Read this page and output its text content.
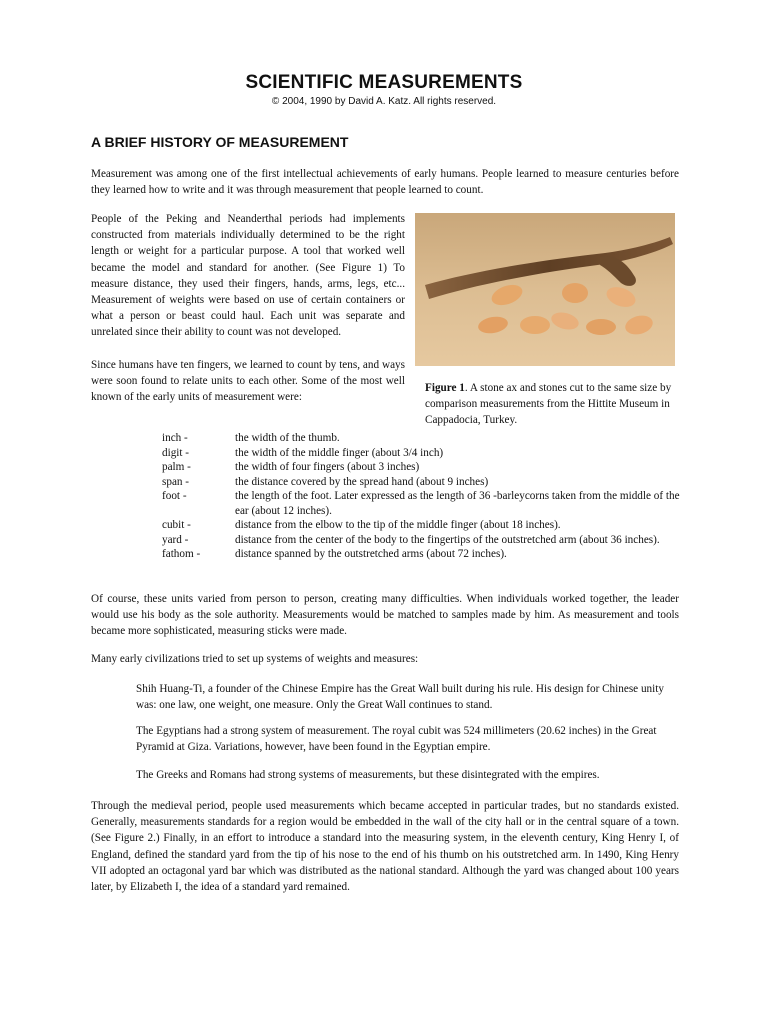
SCIENTIFIC MEASUREMENTS
© 2004, 1990 by David A. Katz. All rights reserved.
A BRIEF HISTORY OF MEASUREMENT

Measurement was among one of the first intellectual achievements of early humans. People learned to measure centuries before they learned how to write and it was through measurement that people learned to count.

People of the Peking and Neanderthal periods had implements constructed from materials individually determined to be the right length or weight for a particular purpose. A tool that worked well became the model and standard for another. (See Figure 1) To measure distance, they used their fingers, hands, arms, legs, etc... Measurement of weights were based on use of certain containers or what a person or beast could haul. Each unit was separate and unrelated since their ability to count was not developed.

Since humans have ten fingers, we learned to count by tens, and ways were soon found to relate units to each other. Some of the most well known of the early units of measurement were:

Figure 1. A stone ax and stones cut to the same size by comparison measurements from the Hittite Museum in Cappadocia, Turkey.
inch -	the width of the thumb.
digit -	the width of the middle finger (about 3/4 inch)
palm -	the width of four fingers (about 3 inches)
span -	the distance covered by the spread hand (about 9 inches)
foot -	the length of the foot. Later expressed as the length of 36 -barleycorns taken from the middle of the ear (about 12 inches).
cubit -	distance from the elbow to the tip of the middle finger (about 18 inches).
yard -	distance from the center of the body to the fingertips of the outstretched arm (about 36 inches).
fathom -	distance spanned by the outstretched arms (about 72 inches).

Of course, these units varied from person to person, creating many difficulties. When individuals worked together, the leader would use his body as the sole authority. Measurements would be matched to samples made by him. As measurement and tools became more sophisticated, measuring sticks were made.

Many early civilizations tried to set up systems of weights and measures:

Shih Huang-Ti, a founder of the Chinese Empire has the Great Wall built during his rule. His design for Chinese unity was: one law, one weight, one measure. Only the Great Wall continues to stand.
The Egyptians had a strong system of measurement. The royal cubit was 524 millimeters (20.62 inches) in the Great Pyramid at Giza. Variations, however, have been found in the Egyptian empire.
The Greeks and Romans had strong systems of measurements, but these disintegrated with the empires.

Through the medieval period, people used measurements which became accepted in particular trades, but no standards existed. Generally, measurements standards for a region would be embedded in the wall of the city hall or in the central square of a town. (See Figure 2.) Finally, in an effort to introduce a standard into the measuring system, in the eleventh century, King Henry I, of England, defined the standard yard from the tip of his nose to the end of his thumb on his outstretched arm. In 1490, King Henry VII adopted an octagonal yard bar which was distributed as the national standard. Although the yard was changed about 100 years later, by Elizabeth I, the idea of a standard yard remained.
